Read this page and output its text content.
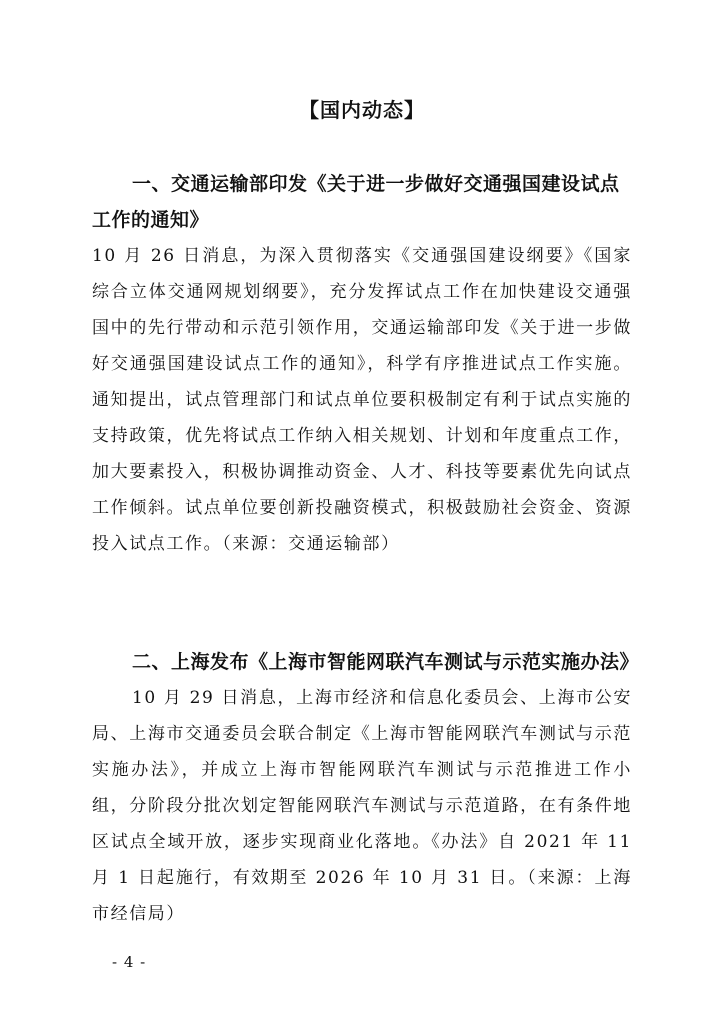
【国内动态】

一、交通运输部印发《关于进一步做好交通强国建设试点工作的通知》

10 月 26 日消息，为深入贯彻落实《交通强国建设纲要》《国家综合立体交通网规划纲要》，充分发挥试点工作在加快建设交通强国中的先行带动和示范引领作用，交通运输部印发《关于进一步做好交通强国建设试点工作的通知》，科学有序推进试点工作实施。通知提出，试点管理部门和试点单位要积极制定有利于试点实施的支持政策，优先将试点工作纳入相关规划、计划和年度重点工作，加大要素投入，积极协调推动资金、人才、科技等要素优先向试点工作倾斜。试点单位要创新投融资模式，积极鼓励社会资金、资源投入试点工作。（来源：交通运输部）

二、上海发布《上海市智能网联汽车测试与示范实施办法》

10 月 29 日消息，上海市经济和信息化委员会、上海市公安局、上海市交通委员会联合制定《上海市智能网联汽车测试与示范实施办法》，并成立上海市智能网联汽车测试与示范推进工作小组，分阶段分批次划定智能网联汽车测试与示范道路，在有条件地区试点全域开放，逐步实现商业化落地。《办法》自 2021 年 11 月 1 日起施行，有效期至 2026 年 10 月 31 日。（来源：上海市经信局）

- 4 -
